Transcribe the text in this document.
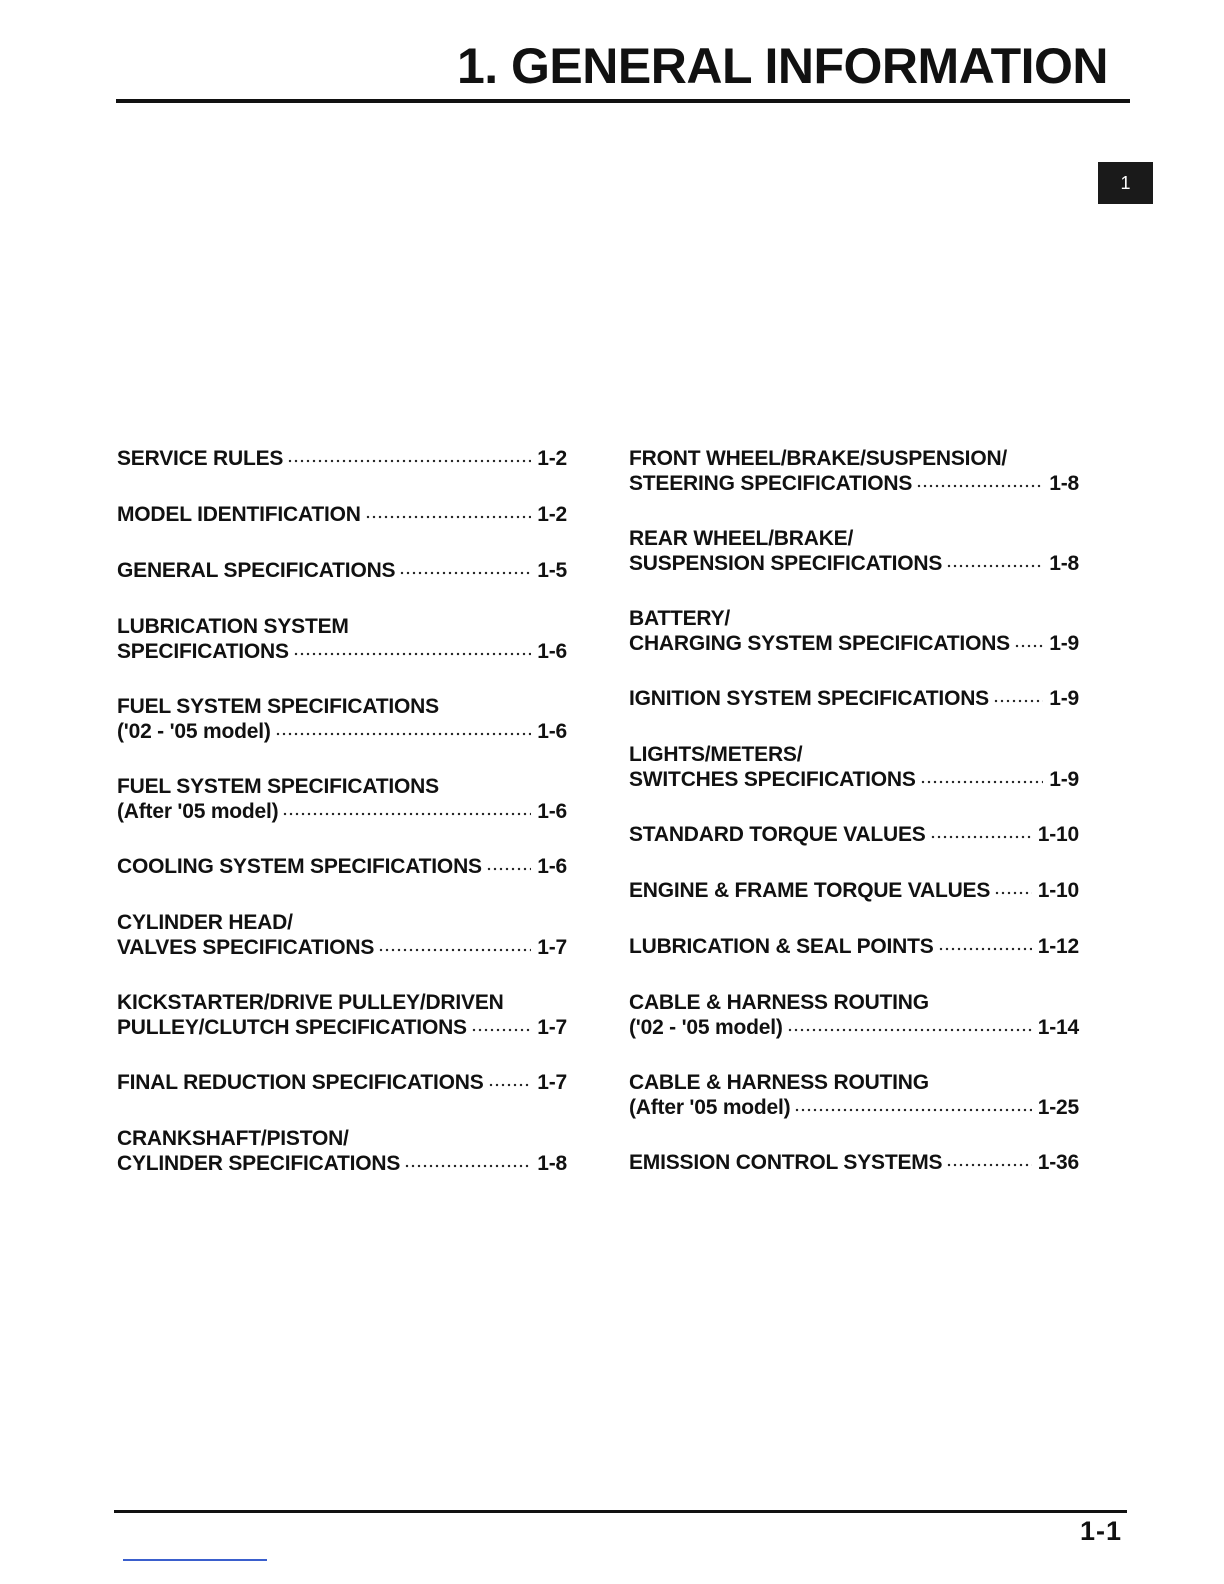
1. GENERAL INFORMATION
1
SERVICE RULES	1-2
MODEL IDENTIFICATION	1-2
GENERAL SPECIFICATIONS	1-5
LUBRICATION SYSTEM
SPECIFICATIONS	1-6
FUEL SYSTEM SPECIFICATIONS
('02 - '05 model)	1-6
FUEL SYSTEM SPECIFICATIONS
(After '05 model)	1-6
COOLING SYSTEM SPECIFICATIONS	1-6
CYLINDER HEAD/
VALVES SPECIFICATIONS	1-7
KICKSTARTER/DRIVE PULLEY/DRIVEN
PULLEY/CLUTCH SPECIFICATIONS	1-7
FINAL REDUCTION SPECIFICATIONS	1-7
CRANKSHAFT/PISTON/
CYLINDER SPECIFICATIONS	1-8
FRONT WHEEL/BRAKE/SUSPENSION/
STEERING SPECIFICATIONS	1-8
REAR WHEEL/BRAKE/
SUSPENSION SPECIFICATIONS	1-8
BATTERY/
CHARGING SYSTEM SPECIFICATIONS 1-9
IGNITION SYSTEM SPECIFICATIONS	1-9
LIGHTS/METERS/
SWITCHES SPECIFICATIONS	1-9
STANDARD TORQUE VALUES	1-10
ENGINE & FRAME TORQUE VALUES 1-10
LUBRICATION & SEAL POINTS	1-12
CABLE & HARNESS ROUTING
('02 - '05 model)	1-14
CABLE & HARNESS ROUTING
(After '05 model)	1-25
EMISSION CONTROL SYSTEMS	1-36
1-1
